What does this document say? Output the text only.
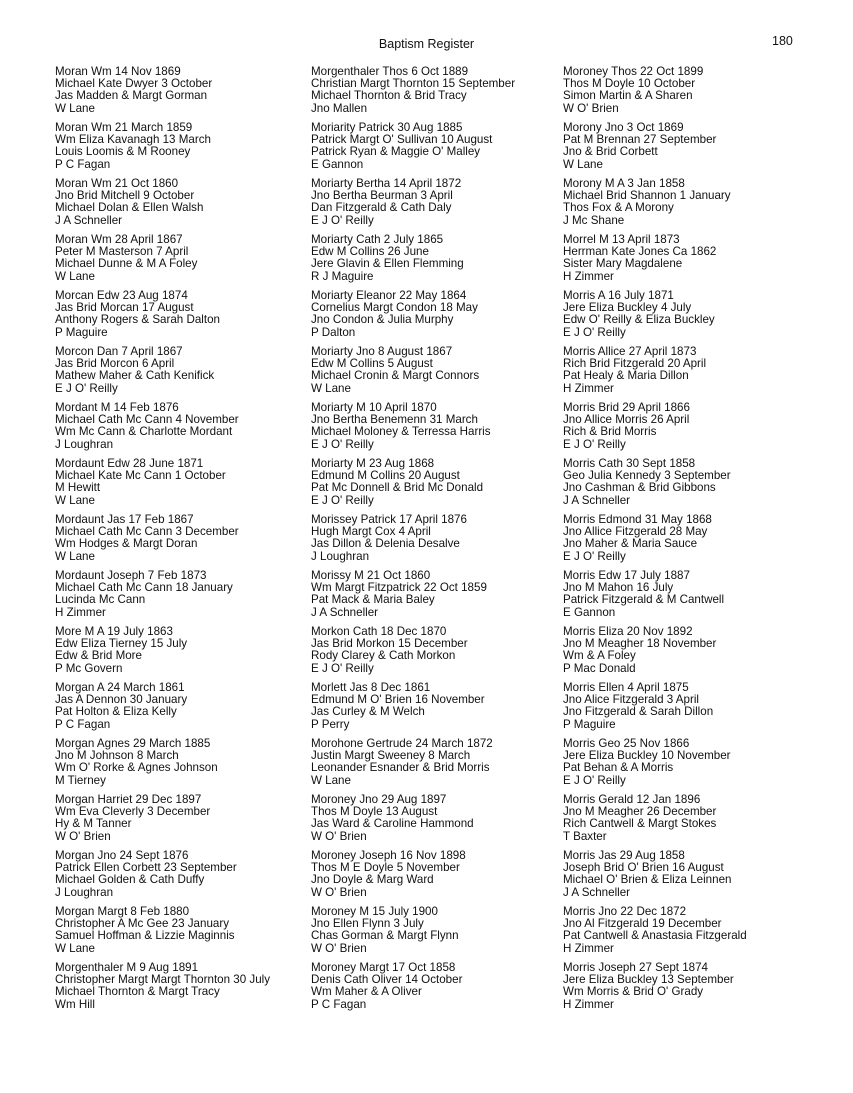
Baptism Register	180
Moran Wm 14 Nov 1869
Michael Kate Dwyer 3 October
Jas Madden & Margt Gorman
W Lane
Moran Wm 21 March 1859
Wm Eliza Kavanagh 13 March
Louis Loomis & M Rooney
P C Fagan
Moran Wm 21 Oct 1860
Jno Brid Mitchell 9 October
Michael Dolan & Ellen Walsh
J A Schneller
Moran Wm 28 April 1867
Peter M Masterson 7 April
Michael Dunne & M A Foley
W Lane
Morcan Edw 23 Aug 1874
Jas Brid Morcan 17 August
Anthony Rogers & Sarah Dalton
P Maguire
Morcon Dan 7 April 1867
Jas Brid Morcon 6 April
Mathew Maher & Cath Kenifick
E J O' Reilly
Mordant M 14 Feb 1876
Michael Cath Mc Cann 4 November
Wm Mc Cann & Charlotte Mordant
J Loughran
Mordaunt Edw 28 June 1871
Michael Kate Mc Cann 1 October
M Hewitt
W Lane
Mordaunt Jas 17 Feb 1867
Michael Cath Mc Cann 3 December
Wm Hodges & Margt Doran
W Lane
Mordaunt Joseph 7 Feb 1873
Michael Cath Mc Cann 18 January
Lucinda Mc Cann
H Zimmer
More M A 19 July 1863
Edw Eliza Tierney 15 July
Edw & Brid More
P Mc Govern
Morgan A 24 March 1861
Jas A Dennon 30 January
Pat Holton & Eliza Kelly
P C Fagan
Morgan Agnes 29 March 1885
Jno M Johnson 8 March
Wm O' Rorke & Agnes Johnson
M Tierney
Morgan Harriet 29 Dec 1897
Wm Eva Cleverly 3 December
Hy & M Tanner
W O' Brien
Morgan Jno 24 Sept 1876
Patrick Ellen Corbett 23 September
Michael Golden & Cath Duffy
J Loughran
Morgan Margt 8 Feb 1880
Christopher A Mc Gee 23 January
Samuel Hoffman & Lizzie Maginnis
W Lane
Morgenthaler M 9 Aug 1891
Christopher Margt Margt Thornton 30 July
Michael Thornton & Margt Tracy
Wm Hill
Morgenthaler Thos 6 Oct 1889
Christian Margt Thornton 15 September
Michael Thornton & Brid Tracy
Jno Mallen
Moriarity Patrick 30 Aug 1885
Patrick Margt O' Sullivan 10 August
Patrick Ryan & Maggie O' Malley
E Gannon
Moriarty Bertha 14 April 1872
Jno Bertha Beurman 3 April
Dan Fitzgerald & Cath Daly
E J O' Reilly
Moriarty Cath 2 July 1865
Edw M Collins 26 June
Jere Glavin & Ellen Flemming
R J Maguire
Moriarty Eleanor 22 May 1864
Cornelius Margt Condon 18 May
Jno Condon & Julia Murphy
P Dalton
Moriarty Jno 8 August 1867
Edw M Collins 5 August
Michael Cronin & Margt Connors
W Lane
Moriarty M 10 April 1870
Jno Bertha Benemenn 31 March
Michael Moloney & Terressa Harris
E J O' Reilly
Moriarty M 23 Aug 1868
Edmund M Collins 20 August
Pat Mc Donnell & Brid Mc Donald
E J O' Reilly
Morissey Patrick 17 April 1876
Hugh Margt Cox 4 April
Jas Dillon & Delenia Desalve
J Loughran
Morissy M 21 Oct 1860
Wm Margt Fitzpatrick 22 Oct 1859
Pat Mack & Maria Baley
J A Schneller
Morkon Cath 18 Dec 1870
Jas Brid Morkon 15 December
Rody Clarey & Cath Morkon
E J O' Reilly
Morlett Jas 8 Dec 1861
Edmund M O' Brien 16 November
Jas Curley & M Welch
P Perry
Morohone Gertrude 24 March 1872
Justin Margt Sweeney 8 March
Leonander Esnander & Brid Morris
W Lane
Moroney Jno 29 Aug 1897
Thos M Doyle 13 August
Jas Ward & Caroline Hammond
W O' Brien
Moroney Joseph 16 Nov 1898
Thos M E Doyle 5 November
Jno Doyle & Marg Ward
W O' Brien
Moroney M 15 July 1900
Jno Ellen Flynn 3 July
Chas Gorman & Margt Flynn
W O' Brien
Moroney Margt 17 Oct 1858
Denis Cath Oliver 14 October
Wm Maher & A Oliver
P C Fagan
Moroney Thos 22 Oct 1899
Thos M Doyle 10 October
Simon Martin & A Sharen
W O' Brien
Morony Jno 3 Oct 1869
Pat M Brennan 27 September
Jno & Brid Corbett
W Lane
Morony M A 3 Jan 1858
Michael Brid Shannon 1 January
Thos Fox & A Morony
J Mc Shane
Morrel M 13 April 1873
Herrman Kate Jones Ca 1862
Sister Mary Magdalene
H Zimmer
Morris A 16 July 1871
Jere Eliza Buckley 4 July
Edw O' Reilly & Eliza Buckley
E J O' Reilly
Morris Allice 27 April 1873
Rich Brid Fitzgerald 20 April
Pat Healy & Maria Dillon
H Zimmer
Morris Brid 29 April 1866
Jno Allice Morris 26 April
Rich & Brid Morris
E J O' Reilly
Morris Cath 30 Sept 1858
Geo Julia Kennedy 3 September
Jno Cashman & Brid Gibbons
J A Schneller
Morris Edmond 31 May 1868
Jno Allice Fitzgerald 28 May
Jno Maher & Maria Sauce
E J O' Reilly
Morris Edw 17 July 1887
Jno M Mahon 16 July
Patrick Fitzgerald & M Cantwell
E Gannon
Morris Eliza 20 Nov 1892
Jno M Meagher 18 November
Wm & A Foley
P Mac Donald
Morris Ellen 4 April 1875
Jno Alice Fitzgerald 3 April
Jno Fitzgerald & Sarah Dillon
P Maguire
Morris Geo 25 Nov 1866
Jere Eliza Buckley 10 November
Pat Behan & A Morris
E J O' Reilly
Morris Gerald 12 Jan 1896
Jno M Meagher 26 December
Rich Cantwell & Margt Stokes
T Baxter
Morris Jas 29 Aug 1858
Joseph Brid O' Brien 16 August
Michael O' Brien & Eliza Leinnen
J A Schneller
Morris Jno 22 Dec 1872
Jno Al Fitzgerald 19 December
Pat Cantwell & Anastasia Fitzgerald
H Zimmer
Morris Joseph 27 Sept 1874
Jere Eliza Buckley 13 September
Wm Morris & Brid O' Grady
H Zimmer
